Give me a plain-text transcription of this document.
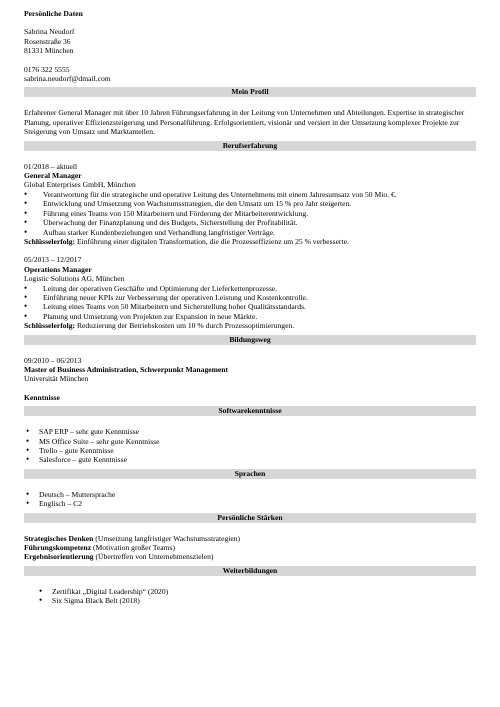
Persönliche Daten
Sabrina Neudorf
Rosenstraße 36
81331 München
0176 322 5555
sabrina.neudorf@dmail.com
Mein Profil
Erfahrener General Manager mit über 10 Jahren Führungserfahrung in der Leitung von Unternehmen und Abteilungen. Expertise in strategischer Planung, operativer Effizienzsteigerung und Personalführung. Erfolgsorientiert, visionär und versiert in der Umsetzung komplexer Projekte zur Steigerung von Umsatz und Marktanteilen.
Berufserfahrung
01/2018 – aktuell
General Manager
Global Enterprises GmbH, München
• Verantwortung für die strategische und operative Leitung des Unternehmens mit einem Jahresumsatz von 50 Mio. €.
• Entwicklung und Umsetzung von Wachstumsstrategien, die den Umsatz um 15 % pro Jahr steigerten.
• Führung eines Teams von 150 Mitarbeitern und Förderung der Mitarbeiterentwicklung.
• Überwachung der Finanzplanung und des Budgets, Sicherstellung der Profitabilität.
• Aufbau starker Kundenbeziehungen und Verhandlung langfristiger Verträge.
Schlüsselerfolg: Einführung einer digitalen Transformation, die die Prozesseffizienz um 25 % verbesserte.
05/2013 – 12/2017
Operations Manager
Logistic Solutions AG, München
• Leitung der operativen Geschäfte und Optimierung der Lieferkettenprozesse.
• Einführung neuer KPIs zur Verbesserung der operativen Leistung und Kostenkontrolle.
• Leitung eines Teams von 50 Mitarbeitern und Sicherstellung hoher Qualitätsstandards.
• Planung und Umsetzung von Projekten zur Expansion in neue Märkte.
Schlüsselerfolg: Reduzierung der Betriebskosten um 10 % durch Prozessoptimierungen.
Bildungsweg
09/2010 – 06/2013
Master of Business Administration, Schwerpunkt Management
Universität München
Kenntnisse
Softwarekenntnisse
• SAP ERP – sehr gute Kenntnisse
• MS Office Suite – sehr gute Kenntnisse
• Trello – gute Kenntnisse
• Salesforce – gute Kenntnisse
Sprachen
• Deutsch – Muttersprache
• Englisch – C2
Persönliche Stärken
Strategisches Denken (Umsetzung langfristiger Wachstumsstrategien)
Führungskompetenz (Motivation großer Teams)
Ergebnisorientierung (Übertreffen von Unternehmenszielen)
Weiterbildungen
• Zertifikat „Digital Leadership“ (2020)
• Six Sigma Black Belt (2018)
